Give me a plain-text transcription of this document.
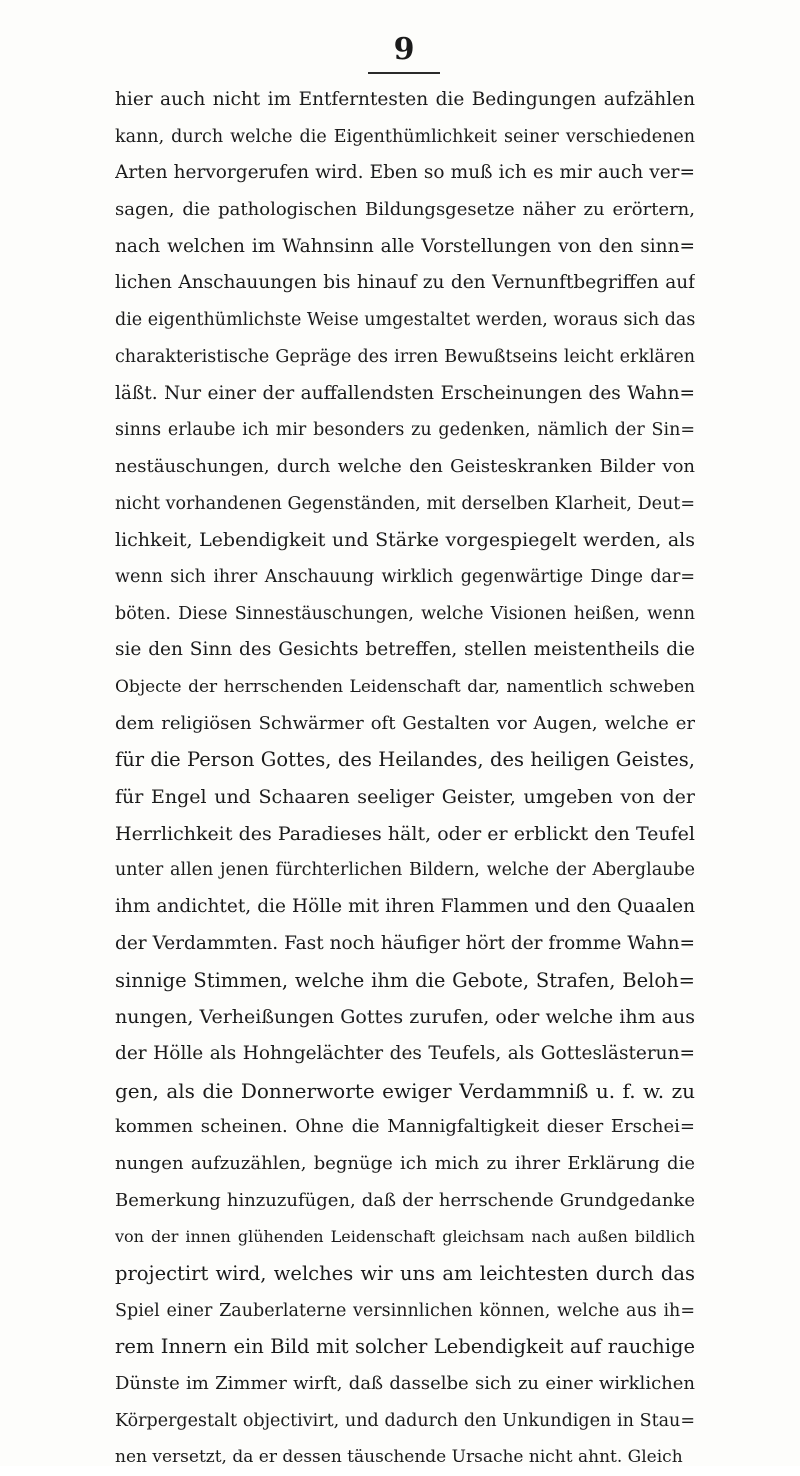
9
hier auch nicht im Entferntesten die Bedingungen aufzählen
kann, durch welche die Eigenthümlichkeit seiner verschiedenen
Arten hervorgerufen wird. Eben so muß ich es mir auch ver=
sagen, die pathologischen Bildungsgesetze näher zu erörtern,
nach welchen im Wahnsinn alle Vorstellungen von den sinn=
lichen Anschauungen bis hinauf zu den Vernunftbegriffen auf
die eigenthümlichste Weise umgestaltet werden, woraus sich das
charakteristische Gepräge des irren Bewußtseins leicht erklären
läßt. Nur einer der auffallendsten Erscheinungen des Wahn=
sinns erlaube ich mir besonders zu gedenken, nämlich der Sin=
nestäuschungen, durch welche den Geisteskranken Bilder von
nicht vorhandenen Gegenständen, mit derselben Klarheit, Deut=
lichkeit, Lebendigkeit und Stärke vorgespiegelt werden, als
wenn sich ihrer Anschauung wirklich gegenwärtige Dinge dar=
böten. Diese Sinnestäuschungen, welche Visionen heißen, wenn
sie den Sinn des Gesichts betreffen, stellen meistentheils die
Objecte der herrschenden Leidenschaft dar, namentlich schweben
dem religiösen Schwärmer oft Gestalten vor Augen, welche er
für die Person Gottes, des Heilandes, des heiligen Geistes,
für Engel und Schaaren seeliger Geister, umgeben von der
Herrlichkeit des Paradieses hält, oder er erblickt den Teufel
unter allen jenen fürchterlichen Bildern, welche der Aberglaube
ihm andichtet, die Hölle mit ihren Flammen und den Quaalen
der Verdammten. Fast noch häufiger hört der fromme Wahn=
sinnige Stimmen, welche ihm die Gebote, Strafen, Beloh=
nungen, Verheißungen Gottes zurufen, oder welche ihm aus
der Hölle als Hohngelächter des Teufels, als Gotteslästerun=
gen, als die Donnerworte ewiger Verdammniß u. f. w. zu
kommen scheinen. Ohne die Mannigfaltigkeit dieser Erschei=
nungen aufzuzählen, begnüge ich mich zu ihrer Erklärung die
Bemerkung hinzuzufügen, daß der herrschende Grundgedanke
von der innen glühenden Leidenschaft gleichsam nach außen bildlich
projectirt wird, welches wir uns am leichtesten durch das
Spiel einer Zauberlaterne versinnlichen können, welche aus ih=
rem Innern ein Bild mit solcher Lebendigkeit auf rauchige
Dünste im Zimmer wirft, daß dasselbe sich zu einer wirklichen
Körpergestalt objectivirt, und dadurch den Unkundigen in Stau=
nen versetzt, da er dessen täuschende Ursache nicht ahnt. Gleich
